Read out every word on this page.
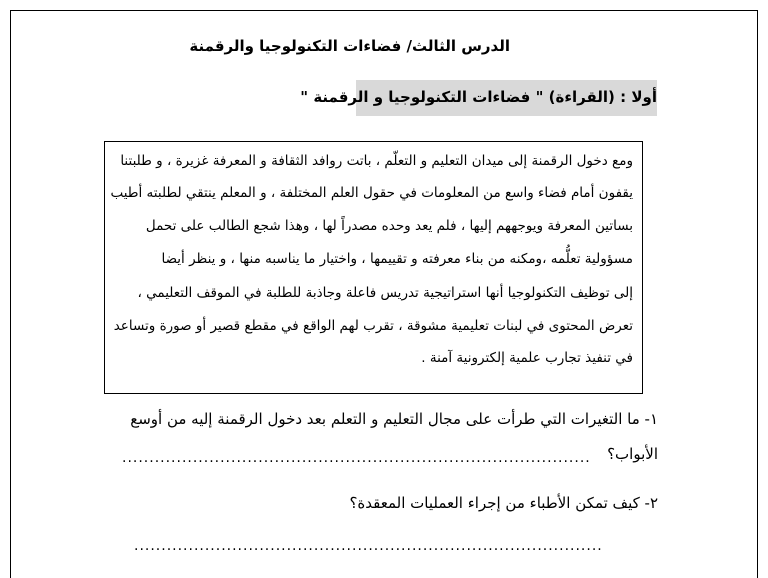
الدرس الثالث/ فضاءات التكنولوجيا والرقمنة
أولا : (القراءة) " فضاءات التكنولوجيا و الرقمنة "
ومع دخول الرقمنة إلى ميدان التعليم و التعلّم ، باتت روافد الثقافة و المعرفة غزيرة ، و طلبتنا
يقفون أمام فضاء واسع من المعلومات في حقول العلم المختلفة ، و المعلم ينتقي لطلبته أطيب
بساتين المعرفة ويوجههم إليها ، فلم يعد وحده مصدراً لها ، وهذا شجع الطالب على تحمل
مسؤولية تعلُّمه ،ومكنه من بناء معرفته و تقييمها ، واختيار ما يناسبه منها ، و ينظر أيضا
إلى توظيف التكنولوجيا أنها استراتيجية تدريس فاعلة وجاذبة للطلبة في الموقف التعليمي ،
تعرض المحتوى في لبنات تعليمية مشوقة ، تقرب لهم الواقع في مقطع قصير أو صورة وتساعد
في تنفيذ تجارب علمية إلكترونية آمنة .
١- ما التغيرات التي طرأت على مجال التعليم و التعلم بعد دخول الرقمنة إليه من أوسع
الأبواب؟
......................................................................................
٢- كيف تمكن الأطباء من إجراء العمليات المعقدة؟
......................................................................................
